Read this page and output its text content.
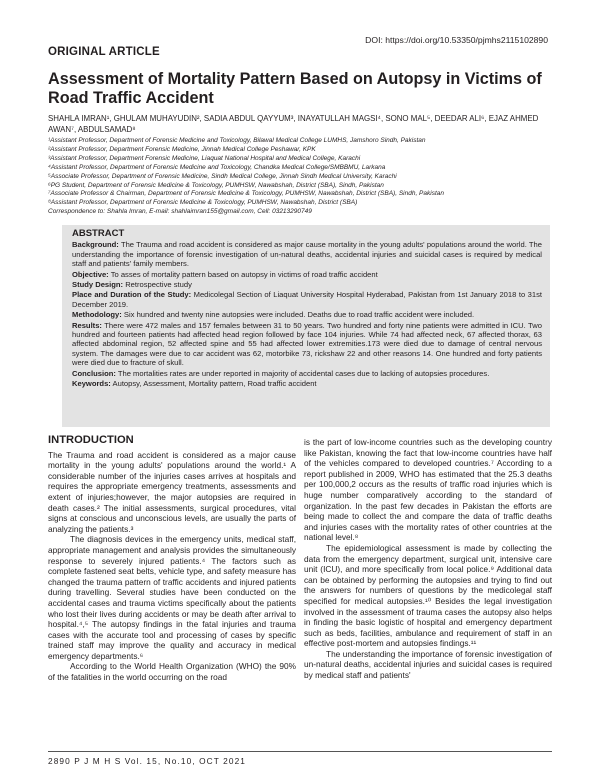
DOI: https://doi.org/10.53350/pjmhs2115102890
ORIGINAL ARTICLE
Assessment of Mortality Pattern Based on Autopsy in Victims of Road Traffic Accident
SHAHLA IMRAN¹, GHULAM MUHAYUDIN², SADIA ABDUL QAYYUM³, INAYATULLAH MAGSI⁴, SONO MAL⁵, DEEDAR ALI⁶, EJAZ AHMED AWAN⁷, ABDULSAMAD⁸
¹Assistant Professor, Department of Forensic Medicine and Toxicology, Bilawal Medical College LUMHS, Jamshoro Sindh, Pakistan
²Assistant Professor, Department Forensic Medicine, Jinnah Medical College Peshawar, KPK
³Assistant Professor, Department Forensic Medicine, Liaquat National Hospital and Medical College, Karachi
⁴Assistant Professor, Department of Forensic Medicine and Toxicology, Chandka Medical College/SMBBMU, Larkana
⁵Associate Professor, Department of Forensic Medicine, Sindh Medical College, Jinnah Sindh Medical University, Karachi
⁶PG Student, Department of Forensic Medicine & Toxicology, PUMHSW, Nawabshah, District (SBA), Sindh, Pakistan
⁷Associate Professor & Chairman, Department of Forensic Medicine & Toxicology, PUMHSW, Nawabshah, District (SBA), Sindh, Pakistan
⁸Assistant Professor, Department of Forensic Medicine & Toxicology, PUMHSW, Nawabshah, District (SBA)
Correspondence to: Shahla Imran, E-mail: shahlaimran155@gmail.com, Cell: 03213290749
ABSTRACT

Background: The Trauma and road accident is considered as major cause mortality in the young adults' populations around the world. The understanding the importance of forensic investigation of un-natural deaths, accidental injuries and suicidal cases is required by medical staff and patients' family members.

Objective: To asses of mortality pattern based on autopsy in victims of road traffic accident

Study Design: Retrospective study

Place and Duration of the Study: Medicolegal Section of Liaquat University Hospital Hyderabad, Pakistan from 1st January 2018 to 31st December 2019.

Methodology: Six hundred and twenty nine autopsies were included. Deaths due to road traffic accident were included.

Results: There were 472 males and 157 females between 31 to 50 years. Two hundred and forty nine patients were admitted in ICU. Two hundred and fourteen patients had affected head region followed by face 104 injuries. While 74 had affected neck, 67 affected thorax, 63 affected abdominal region, 52 affected spine and 55 had affected lower extremities.173 were died due to damage of central nervous system. The damages were due to car accident was 62, motorbike 73, rickshaw 22 and other reasons 14. One hundred and forty patients were died due to fracture of skull.

Conclusion: The mortalities rates are under reported in majority of accidental cases due to lacking of autopsies procedures.

Keywords: Autopsy, Assessment, Mortality pattern, Road traffic accident

INTRODUCTION

The Trauma and road accident is considered as a major cause mortality in the young adults' populations around the world.¹ A considerable number of the injuries cases arrives at hospitals and requires the appropriate emergency treatments, assessments and extent of injuries;however, the major autopsies are required in death cases.² The initial assessments, surgical procedures, vital signs at conscious and unconscious levels, are usually the parts of analyzing the patients.³

The diagnosis devices in the emergency units, medical staff, appropriate management and analysis provides the simultaneously response to severely injured patients.⁴ The factors such as complete fastened seat belts, vehicle type, and safety measure has changed the trauma pattern of traffic accidents and injured patients during travelling. Several studies have been conducted on the accidental cases and trauma victims specifically about the patients who lost their lives during accidents or may be death after arrival to hospital.⁴,⁵ The autopsy findings in the fatal injuries and trauma cases with the accurate tool and processing of cases by specific trained staff may improve the quality and accuracy in medical emergency departments.⁶

According to the World Health Organization (WHO) the 90% of the fatalities in the world occurring on the road

is the part of low-income countries such as the developing country like Pakistan, knowing the fact that low-income countries have half of the vehicles compared to developed countries.⁷ According to a report published in 2009, WHO has estimated that the 25.3 deaths per 100,000,2 occurs as the results of traffic road injuries which is huge number comparatively according to the standard of organization. In the past few decades in Pakistan the efforts are being made to collect the and compare the data of traffic deaths and injuries cases with the mortality rates of other countries at the national level.⁸

The epidemiological assessment is made by collecting the data from the emergency department, surgical unit, intensive care unit (ICU), and more specifically from local police.⁹ Additional data can be obtained by performing the autopsies and trying to find out the answers for numbers of questions by the medicolegal staff specified for medical autopsies.¹⁰ Besides the legal investigation involved in the assessment of trauma cases the autopsy also helps in finding the basic logistic of hospital and emergency department such as beds, facilities, ambulance and requirement of staff in an effective post-mortem and autopsies findings.¹¹

The understanding the importance of forensic investigation of un-natural deaths, accidental injuries and suicidal cases is required by medical staff and patients'

2890 P J M H S Vol. 15, No.10, OCT 2021
